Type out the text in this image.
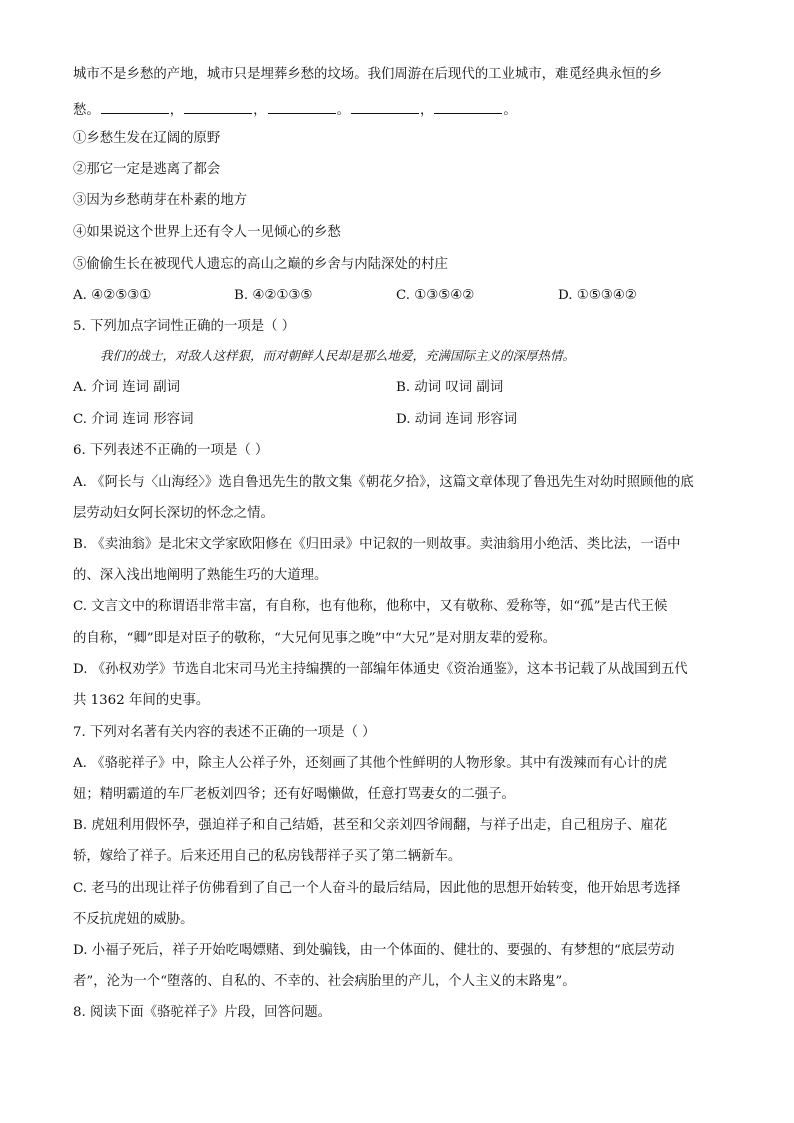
城市不是乡愁的产地，城市只是埋葬乡愁的坟场。我们周游在后现代的工业城市，难觅经典永恒的乡
愁。	，	，	。	，	。
①乡愁生发在辽阔的原野
②那它一定是逃离了都会
③因为乡愁萌芽在朴素的地方
④如果说这个世界上还有令人一见倾心的乡愁
⑤偷偷生长在被现代人遗忘的高山之巅的乡舍与内陆深处的村庄
A. ④②⑤③①	B. ④②①③⑤	C. ①③⑤④②	D. ①⑤③④②
5. 下列加点字词性正确的一项是（ ）
我们的战士，对敌人这样狠，而对朝鲜人民却是那么地爱，充满国际主义的深厚热情。
A. 介词 连词 副词	B. 动词 叹词 副词
C. 介词 连词 形容词	D. 动词 连词 形容词
6. 下列表述不正确的一项是（ ）
A. 《阿长与〈山海经〉》选自鲁迅先生的散文集《朝花夕拾》，这篇文章体现了鲁迅先生对幼时照顾他的底
层劳动妇女阿长深切的怀念之情。
B. 《卖油翁》是北宋文学家欧阳修在《归田录》中记叙的一则故事。卖油翁用小绝活、类比法，一语中
的、深入浅出地阐明了熟能生巧的大道理。
C. 文言文中的称谓语非常丰富，有自称，也有他称，他称中，又有敬称、爱称等，如“孤”是古代王候
的自称，“卿”即是对臣子的敬称，“大兄何见事之晚”中“大兄”是对朋友辈的爱称。
D. 《孙权劝学》节选自北宋司马光主持编撰的一部编年体通史《资治通鉴》，这本书记载了从战国到五代
共 1362 年间的史事。
7. 下列对名著有关内容的表述不正确的一项是（ ）
A. 《骆驼祥子》中，除主人公祥子外，还刻画了其他个性鲜明的人物形象。其中有泼辣而有心计的虎
妞；精明霸道的车厂老板刘四爷；还有好喝懒做，任意打骂妻女的二强子。
B. 虎妞利用假怀孕，强迫祥子和自己结婚，甚至和父亲刘四爷闹翻，与祥子出走，自己租房子、雇花
轿，嫁给了祥子。后来还用自己的私房钱帮祥子买了第二辆新车。
C. 老马的出现让祥子仿佛看到了自己一个人奋斗的最后结局，因此他的思想开始转变，他开始思考选择
不反抗虎妞的威胁。
D. 小福子死后，祥子开始吃喝嫖赌、到处骗钱，由一个体面的、健壮的、要强的、有梦想的“底层劳动
者”，沦为一个“堕落的、自私的、不幸的、社会病胎里的产儿，个人主义的末路鬼”。
8. 阅读下面《骆驼祥子》片段，回答问题。
